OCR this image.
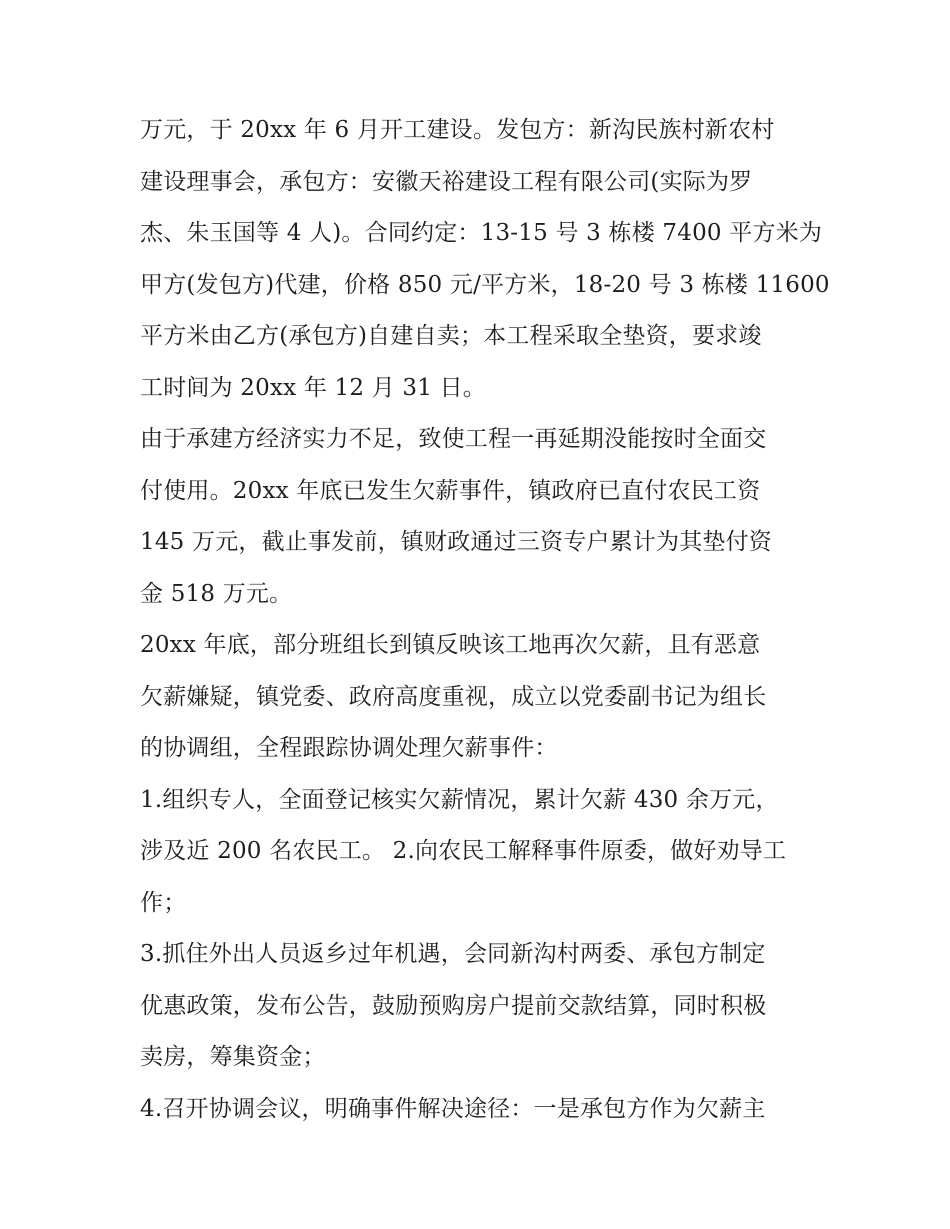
万元，于 20xx 年 6 月开工建设。发包方：新沟民族村新农村
建设理事会，承包方：安徽天裕建设工程有限公司(实际为罗
杰、朱玉国等 4 人)。合同约定：13-15 号 3 栋楼 7400 平方米为
甲方(发包方)代建，价格 850 元/平方米，18-20 号 3 栋楼 11600
平方米由乙方(承包方)自建自卖；本工程采取全垫资，要求竣
工时间为 20xx 年 12 月 31 日。
由于承建方经济实力不足，致使工程一再延期没能按时全面交
付使用。20xx 年底已发生欠薪事件，镇政府已直付农民工资
145 万元，截止事发前，镇财政通过三资专户累计为其垫付资
金 518 万元。
20xx 年底，部分班组长到镇反映该工地再次欠薪，且有恶意
欠薪嫌疑，镇党委、政府高度重视，成立以党委副书记为组长
的协调组，全程跟踪协调处理欠薪事件：
1.组织专人，全面登记核实欠薪情况，累计欠薪 430 余万元，
涉及近 200 名农民工。 2.向农民工解释事件原委，做好劝导工
作；
3.抓住外出人员返乡过年机遇，会同新沟村两委、承包方制定
优惠政策，发布公告，鼓励预购房户提前交款结算，同时积极
卖房，筹集资金；
4.召开协调会议，明确事件解决途径：一是承包方作为欠薪主
